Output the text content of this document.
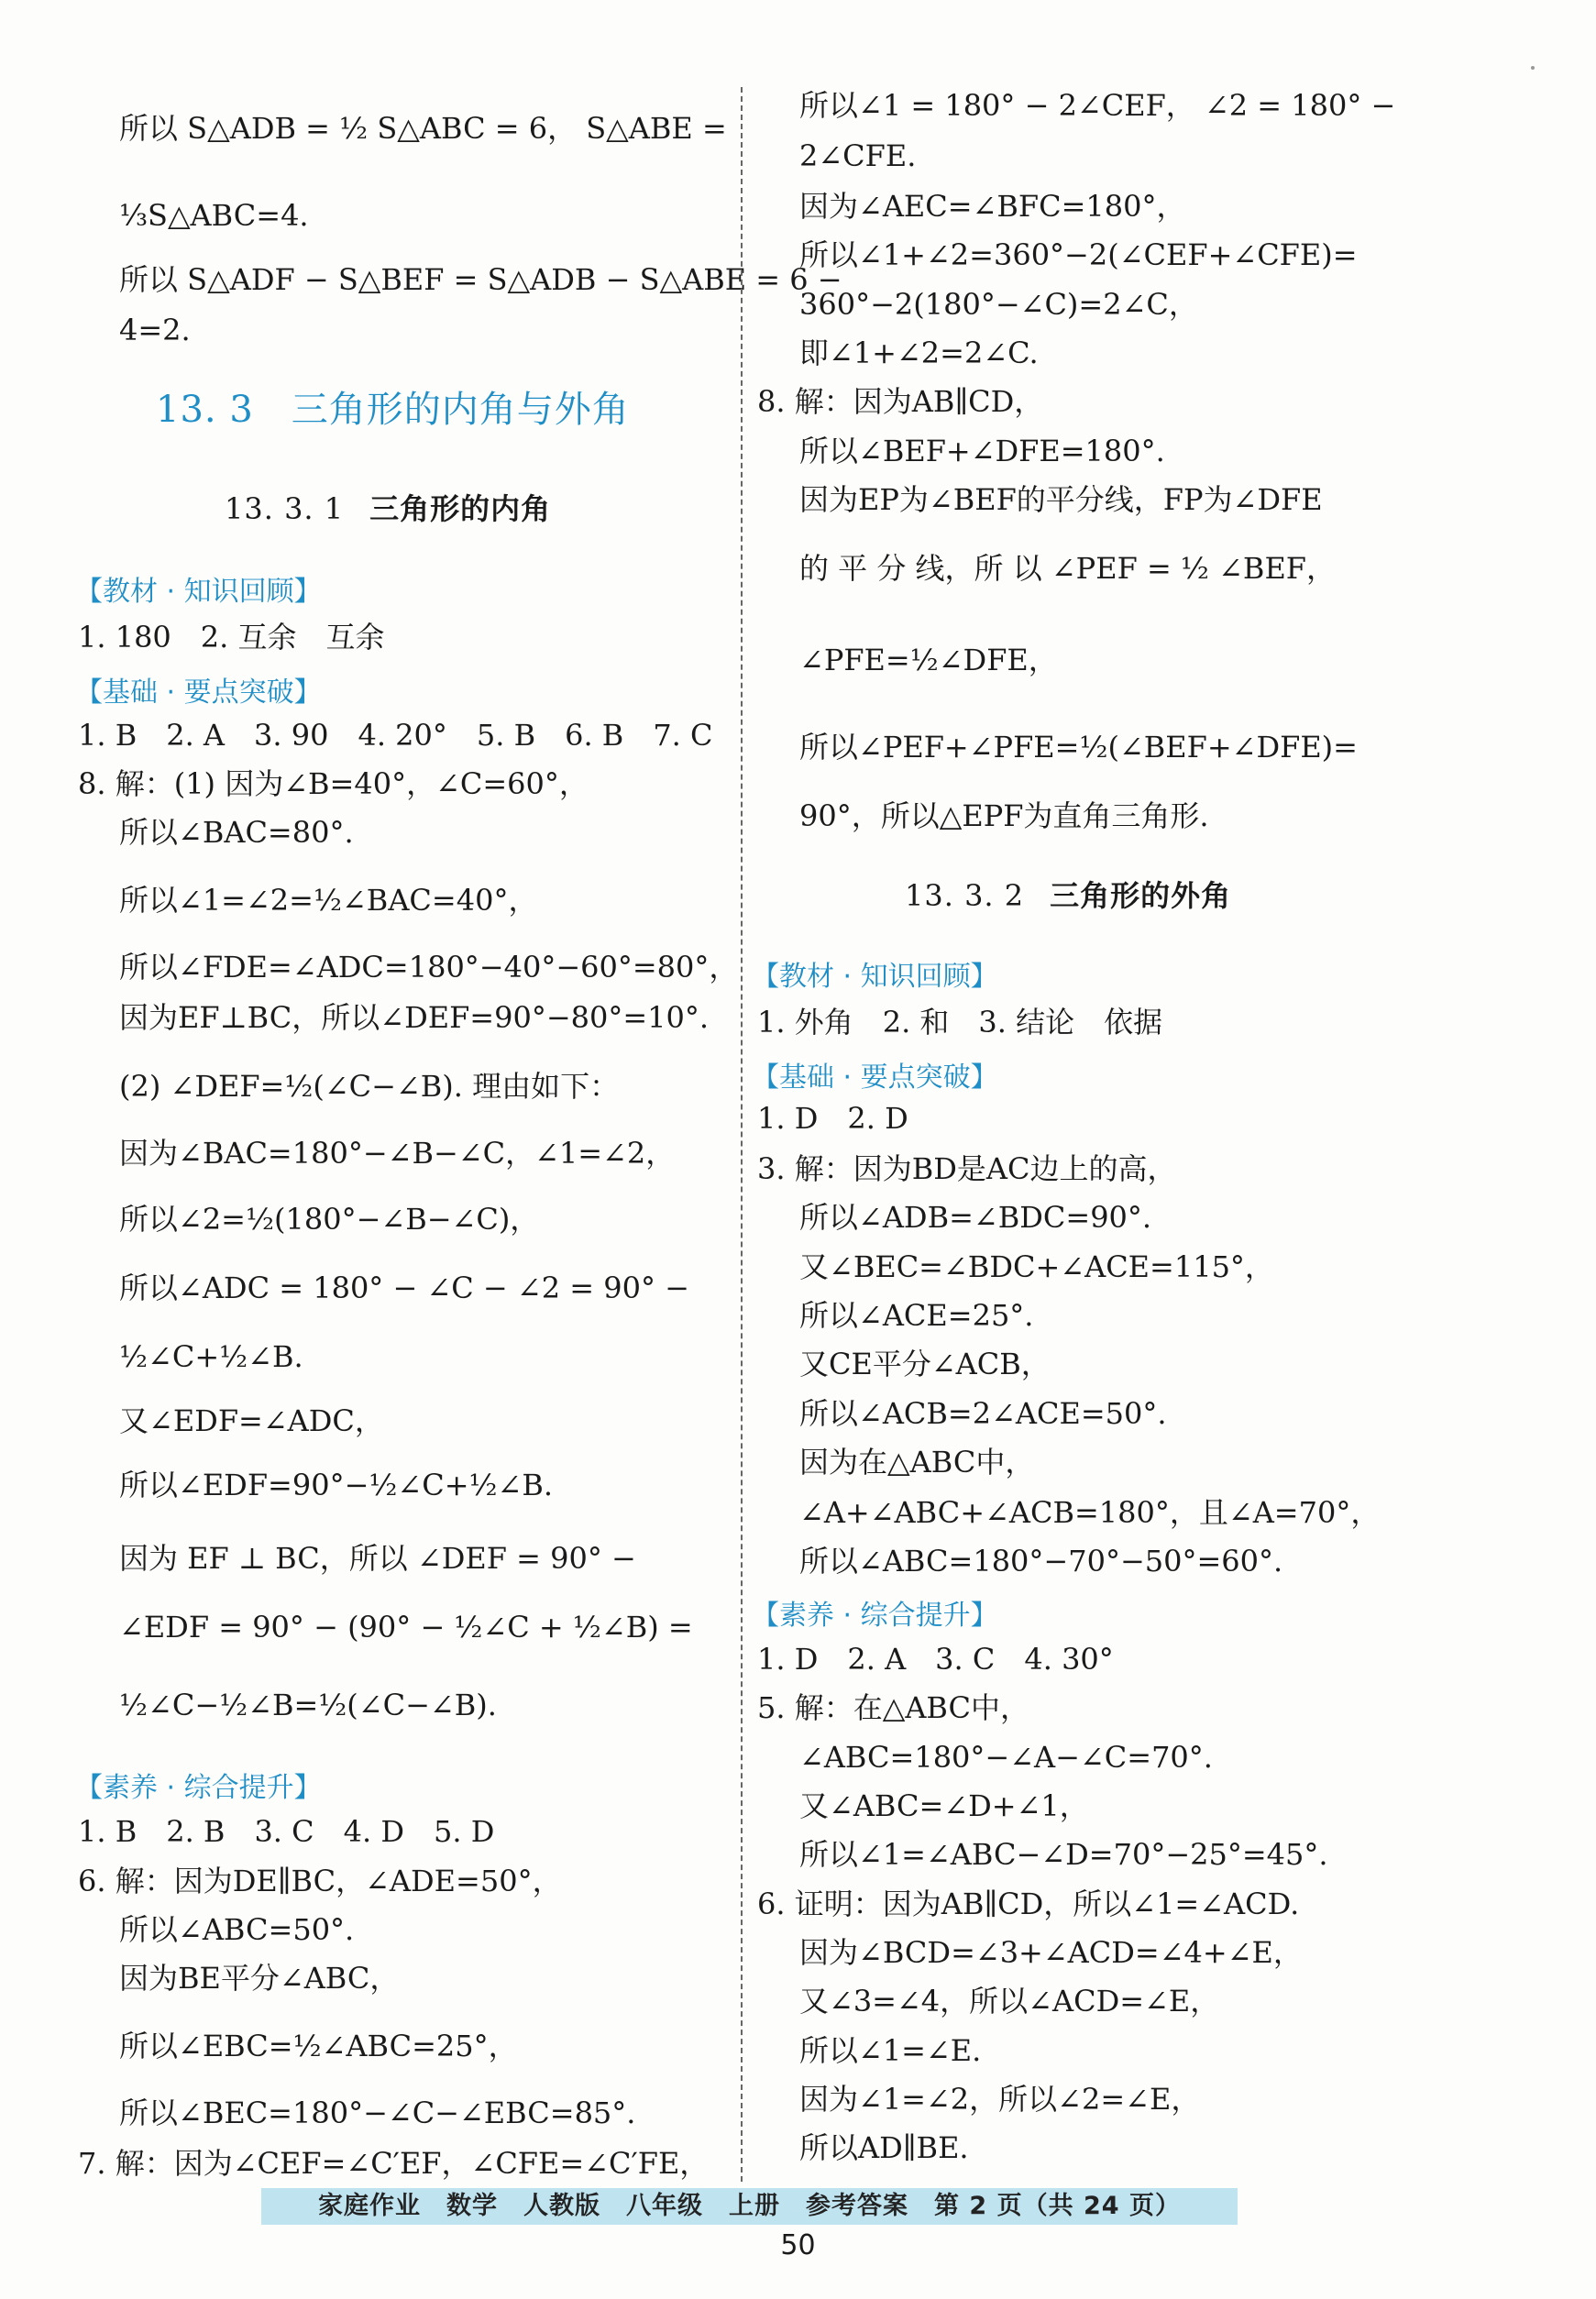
所以 S△ADB = ½ S△ABC = 6， S△ABE =
⅓S△ABC=4.
所以 S△ADF − S△BEF = S△ADB − S△ABE = 6 −
4=2.
13. 3　三角形的内角与外角
13. 3. 1 三角形的内角
【教材 · 知识回顾】
1. 180　2. 互余　互余
【基础 · 要点突破】
1. B　2. A　3. 90　4. 20°　5. B　6. B　7. C
8. 解：(1) 因为∠B=40°，∠C=60°，
所以∠BAC=80°.
所以∠1=∠2=½∠BAC=40°，
所以∠FDE=∠ADC=180°−40°−60°=80°，
因为EF⊥BC，所以∠DEF=90°−80°=10°.
(2) ∠DEF=½(∠C−∠B). 理由如下：
因为∠BAC=180°−∠B−∠C，∠1=∠2，
所以∠2=½(180°−∠B−∠C)，
所以∠ADC = 180° − ∠C − ∠2 = 90° −
½∠C+½∠B.
又∠EDF=∠ADC，
所以∠EDF=90°−½∠C+½∠B.
因为 EF ⊥ BC，所以 ∠DEF = 90° −
∠EDF = 90° − (90° − ½∠C + ½∠B) =
½∠C−½∠B=½(∠C−∠B).
【素养 · 综合提升】
1. B　2. B　3. C　4. D　5. D
6. 解：因为DE∥BC，∠ADE=50°，
所以∠ABC=50°.
因为BE平分∠ABC，
所以∠EBC=½∠ABC=25°，
所以∠BEC=180°−∠C−∠EBC=85°.
7. 解：因为∠CEF=∠C′EF，∠CFE=∠C′FE，
所以∠1 = 180° − 2∠CEF， ∠2 = 180° −
2∠CFE.
因为∠AEC=∠BFC=180°，
所以∠1+∠2=360°−2(∠CEF+∠CFE)=
360°−2(180°−∠C)=2∠C，
即∠1+∠2=2∠C.
8. 解：因为AB∥CD，
所以∠BEF+∠DFE=180°.
因为EP为∠BEF的平分线，FP为∠DFE
的 平 分 线，所 以 ∠PEF = ½ ∠BEF，
∠PFE=½∠DFE，
所以∠PEF+∠PFE=½(∠BEF+∠DFE)=
90°，所以△EPF为直角三角形.
13. 3. 2 三角形的外角
【教材 · 知识回顾】
1. 外角　2. 和　3. 结论　依据
【基础 · 要点突破】
1. D　2. D
3. 解：因为BD是AC边上的高，
所以∠ADB=∠BDC=90°.
又∠BEC=∠BDC+∠ACE=115°，
所以∠ACE=25°.
又CE平分∠ACB，
所以∠ACB=2∠ACE=50°.
因为在△ABC中，
∠A+∠ABC+∠ACB=180°，且∠A=70°，
所以∠ABC=180°−70°−50°=60°.
【素养 · 综合提升】
1. D　2. A　3. C　4. 30°
5. 解：在△ABC中，
∠ABC=180°−∠A−∠C=70°.
又∠ABC=∠D+∠1，
所以∠1=∠ABC−∠D=70°−25°=45°.
6. 证明：因为AB∥CD，所以∠1=∠ACD.
因为∠BCD=∠3+∠ACD=∠4+∠E，
又∠3=∠4，所以∠ACD=∠E，
所以∠1=∠E.
因为∠1=∠2，所以∠2=∠E，
所以AD∥BE.
家庭作业　数学　人教版　八年级　上册　参考答案　第 2 页（共 24 页）
50
